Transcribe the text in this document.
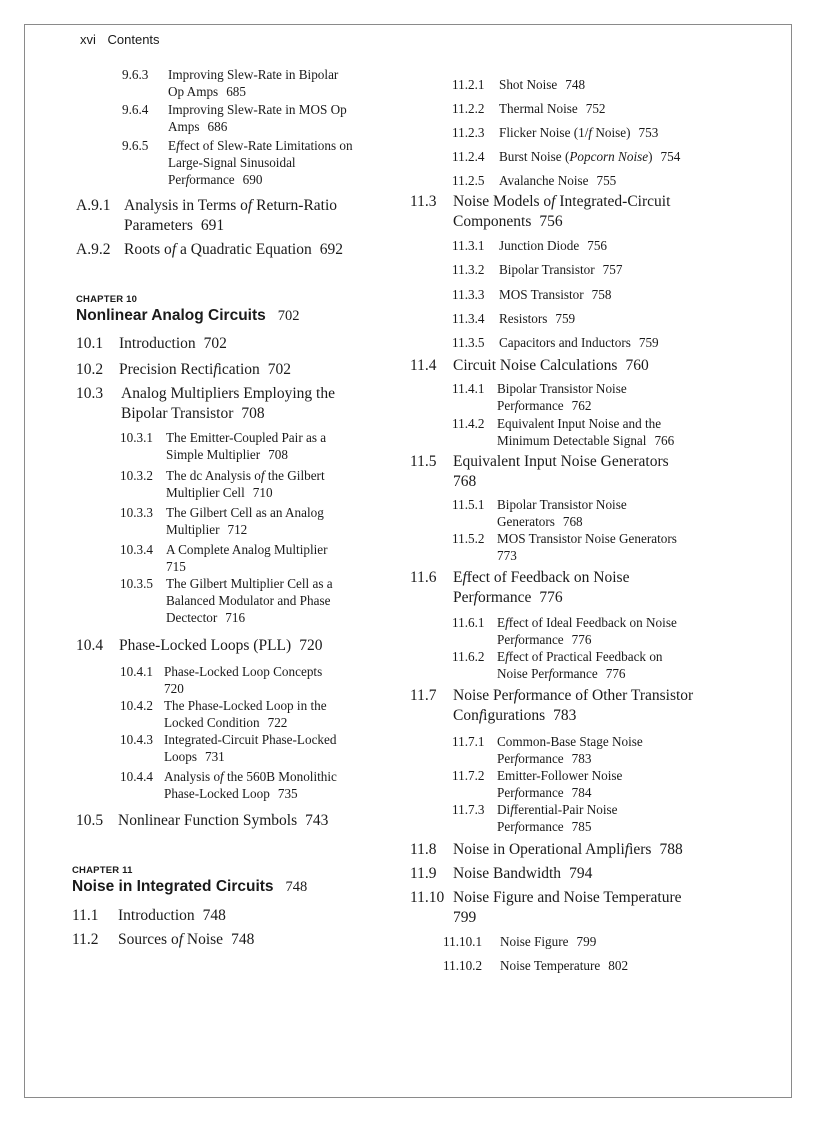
xvi Contents
9.6.3 Improving Slew-Rate in Bipolar
Op Amps 685
9.6.4 Improving Slew-Rate in MOS Op
Amps 686
9.6.5 Effect of Slew-Rate Limitations on
Large-Signal Sinusoidal
Performance 690
A.9.1 Analysis in Terms of Return-Ratio
Parameters 691
A.9.2 Roots of a Quadratic Equation 692
CHAPTER 10
Nonlinear Analog Circuits 702
10.1 Introduction 702
10.2 Precision Rectification 702
10.3 Analog Multipliers Employing the
Bipolar Transistor 708
10.3.1 The Emitter-Coupled Pair as a
Simple Multiplier 708
10.3.2 The dc Analysis of the Gilbert
Multiplier Cell 710
10.3.3 The Gilbert Cell as an Analog
Multiplier 712
10.3.4 A Complete Analog Multiplier
715
10.3.5 The Gilbert Multiplier Cell as a
Balanced Modulator and Phase
Dectector 716
10.4 Phase-Locked Loops (PLL) 720
10.4.1 Phase-Locked Loop Concepts
720
10.4.2 The Phase-Locked Loop in the
Locked Condition 722
10.4.3 Integrated-Circuit Phase-Locked
Loops 731
10.4.4 Analysis of the 560B Monolithic
Phase-Locked Loop 735
10.5 Nonlinear Function Symbols 743
CHAPTER 11
Noise in Integrated Circuits 748
11.1 Introduction 748
11.2 Sources of Noise 748
11.2.1 Shot Noise 748
11.2.2 Thermal Noise 752
11.2.3 Flicker Noise (1/f Noise) 753
11.2.4 Burst Noise (Popcorn Noise) 754
11.2.5 Avalanche Noise 755
11.3 Noise Models of Integrated-Circuit
Components 756
11.3.1 Junction Diode 756
11.3.2 Bipolar Transistor 757
11.3.3 MOS Transistor 758
11.3.4 Resistors 759
11.3.5 Capacitors and Inductors 759
11.4 Circuit Noise Calculations 760
11.4.1 Bipolar Transistor Noise
Performance 762
11.4.2 Equivalent Input Noise and the
Minimum Detectable Signal 766
11.5 Equivalent Input Noise Generators
768
11.5.1 Bipolar Transistor Noise
Generators 768
11.5.2 MOS Transistor Noise Generators
773
11.6 Effect of Feedback on Noise
Performance 776
11.6.1 Effect of Ideal Feedback on Noise
Performance 776
11.6.2 Effect of Practical Feedback on
Noise Performance 776
11.7 Noise Performance of Other Transistor
Configurations 783
11.7.1 Common-Base Stage Noise
Performance 783
11.7.2 Emitter-Follower Noise
Performance 784
11.7.3 Differential-Pair Noise
Performance 785
11.8 Noise in Operational Amplifiers 788
11.9 Noise Bandwidth 794
11.10 Noise Figure and Noise Temperature
799
11.10.1 Noise Figure 799
11.10.2 Noise Temperature 802
